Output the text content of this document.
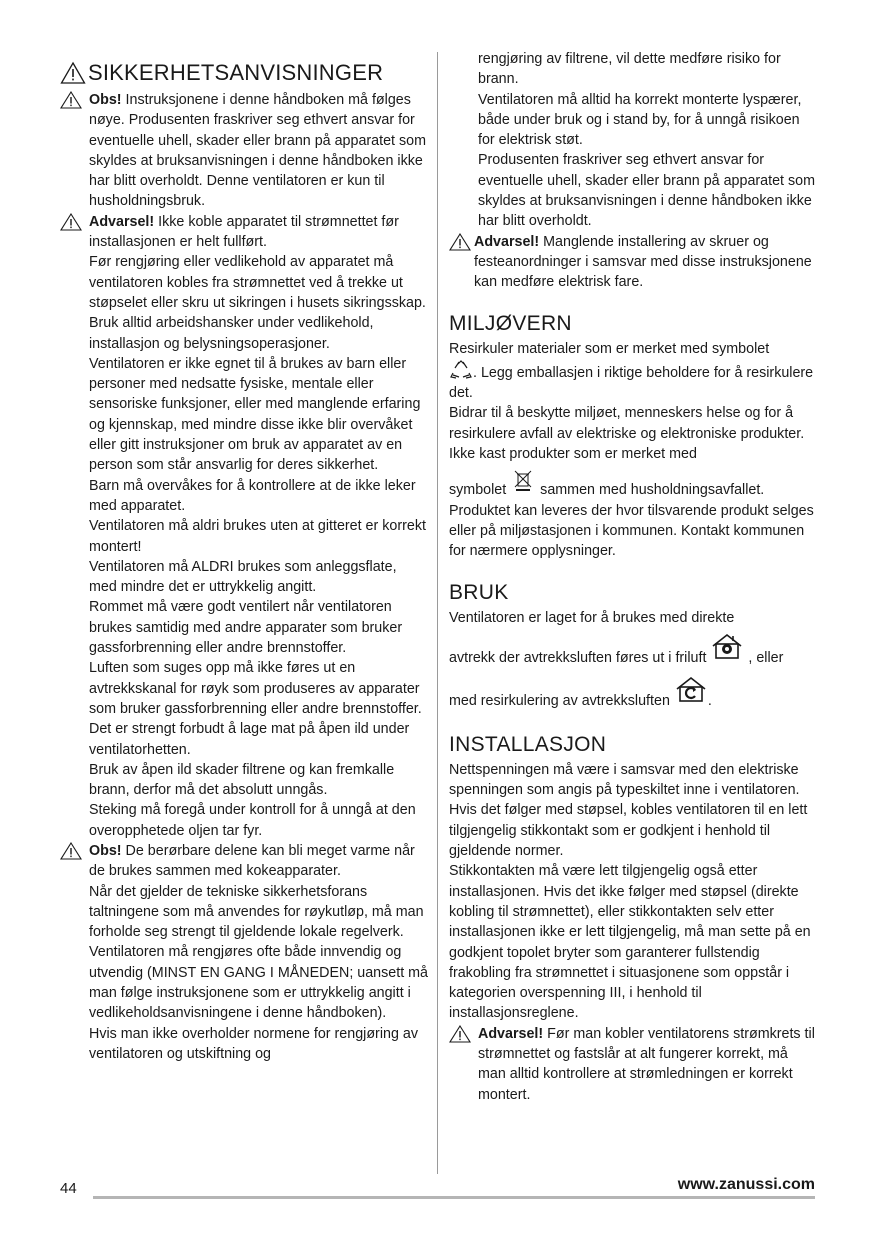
SIKKERHETSANVISNINGER

Obs! Instruksjonene i denne håndboken må følges nøye. Produsenten fraskriver seg ethvert ansvar for eventuelle uhell, skader eller brann på apparatet som skyldes at bruksanvisningen i denne håndboken ikke har blitt overholdt. Denne ventilatoren er kun til husholdningsbruk.

Advarsel! Ikke koble apparatet til strømnettet før installasjonen er helt fullført.

Før rengjøring eller vedlikehold av apparatet må ventilatoren kobles fra strømnettet ved å trekke ut støpselet eller skru ut sikringen i husets sikringsskap.

Bruk alltid arbeidshansker under vedlikehold, installasjon og belysningsoperasjoner.

Ventilatoren er ikke egnet til å brukes av barn eller personer med nedsatte fysiske, mentale eller sensoriske funksjoner, eller med manglende erfaring og kjennskap, med mindre disse ikke blir overvåket eller gitt instruksjoner om bruk av apparatet av en person som står ansvarlig for deres sikkerhet.

Barn må overvåkes for å kontrollere at de ikke leker med apparatet.

Ventilatoren må aldri brukes uten at gitteret er korrekt montert!

Ventilatoren må ALDRI brukes som anleggsflate, med mindre det er uttrykkelig angitt.

Rommet må være godt ventilert når ventilatoren brukes samtidig med andre apparater som bruker gassforbrenning eller andre brennstoffer.

Luften som suges opp må ikke føres ut en avtrekkskanal for røyk som produseres av apparater som bruker gassforbrenning eller andre brennstoffer.

Det er strengt forbudt å lage mat på åpen ild under ventilatorhetten.

Bruk av åpen ild skader filtrene og kan fremkalle brann, derfor må det absolutt unngås.

Steking må foregå under kontroll for å unngå at den overopphetede oljen tar fyr.

Obs! De berørbare delene kan bli meget varme når de brukes sammen med kokeapparater.

Når det gjelder de tekniske sikkerhetsforans taltningene som må anvendes for røykutløp, må man forholde seg strengt til gjeldende lokale regelverk. Ventilatoren må rengjøres ofte både innvendig og utvendig (MINST EN GANG I MÅNEDEN; uansett må man følge instruksjonene som er uttrykkelig angitt i vedlikeholdsanvisningene i denne håndboken).

Hvis man ikke overholder normene for rengjøring av ventilatoren og utskiftning og

rengjøring av filtrene, vil dette medføre risiko for brann.

Ventilatoren må alltid ha korrekt monterte lyspærer, både under bruk og i stand by, for å unngå risikoen for elektrisk støt.

Produsenten fraskriver seg ethvert ansvar for eventuelle uhell, skader eller brann på apparatet som skyldes at bruksanvisningen i denne håndboken ikke har blitt overholdt.

Advarsel! Manglende installering av skruer og festeanordninger i samsvar med disse instruksjonene kan medføre elektrisk fare.

MILJØVERN

Resirkuler materialer som er merket med symbolet

. Legg emballasjen i riktige beholdere for å resirkulere det.

Bidrar til å beskytte miljøet, menneskers helse og for å resirkulere avfall av elektriske og elektroniske produkter. Ikke kast produkter som er merket med

symbolet  sammen med husholdningsavfallet. Produktet kan leveres der hvor tilsvarende produkt selges eller på miljøstasjonen i kommunen. Kontakt kommunen for nærmere opplysninger.

BRUK

Ventilatoren er laget for å brukes med direkte

avtrekk der avtrekksluften føres ut i friluft	, eller

med resirkulering av avtrekksluften	.

INSTALLASJON

Nettspenningen må være i samsvar med den elektriske spenningen som angis på typeskiltet inne i ventilatoren. Hvis det følger med støpsel, kobles ventilatoren til en lett tilgjengelig stikkontakt som er godkjent i henhold til gjeldende normer.

Stikkontakten må være lett tilgjengelig også etter installasjonen. Hvis det ikke følger med støpsel (direkte kobling til strømnettet), eller stikkontakten selv etter installasjonen ikke er lett tilgjengelig, må man sette på en godkjent topolet bryter som garanterer fullstendig frakobling fra strømnettet i situasjonene som oppstår i kategorien overspenning III, i henhold til installasjonsreglene.

Advarsel! Før man kobler ventilatorens strømkrets til strømnettet og fastslår at alt fungerer korrekt, må man alltid kontrollere at strømledningen er korrekt montert.

44	www.zanussi.com
